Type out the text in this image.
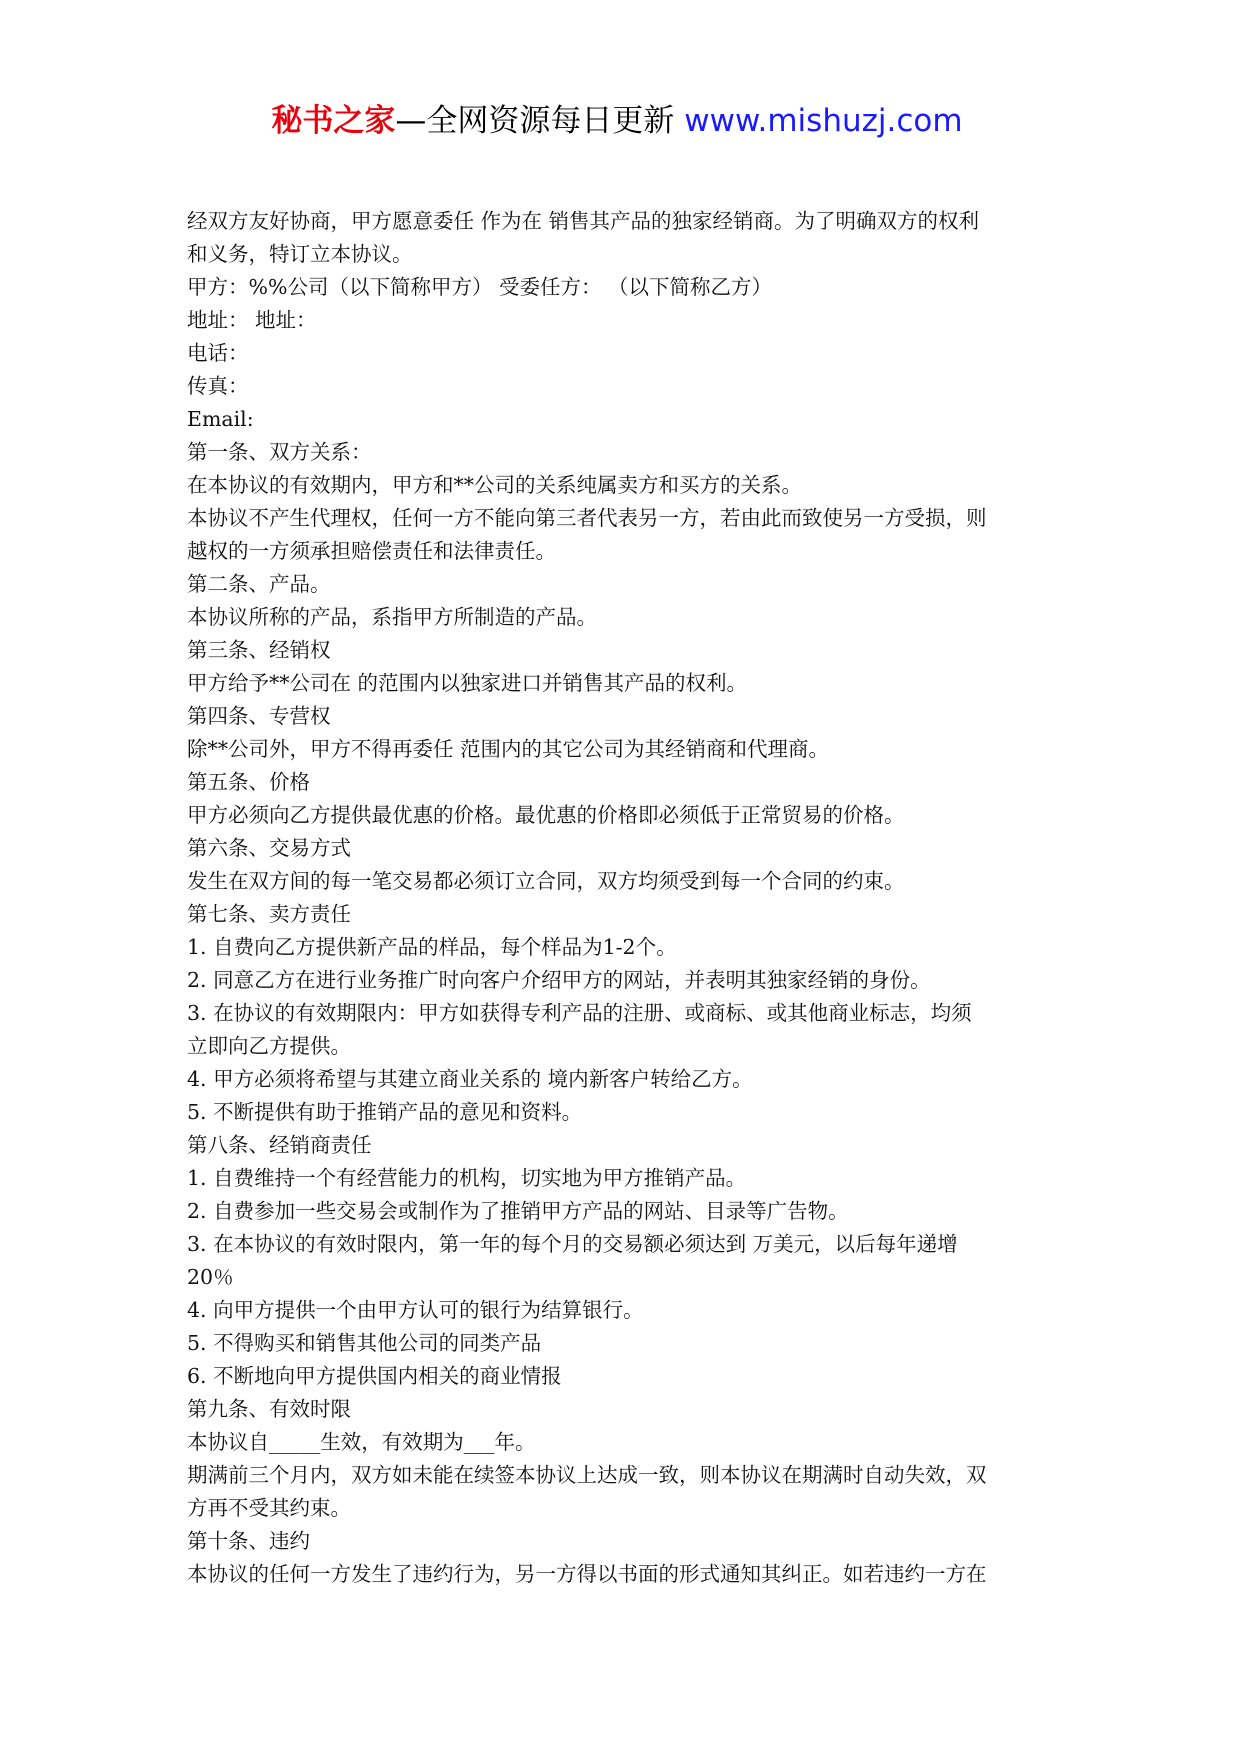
秘书之家—全网资源每日更新 www.mishuzj.com

经双方友好协商，甲方愿意委任 作为在 销售其产品的独家经销商。为了明确双方的权利

和义务，特订立本协议。

甲方：%%公司（以下简称甲方） 受委任方： （以下简称乙方）

地址： 地址：

电话：

传真：

Email:

第一条、双方关系：

在本协议的有效期内，甲方和**公司的关系纯属卖方和买方的关系。

本协议不产生代理权，任何一方不能向第三者代表另一方，若由此而致使另一方受损，则

越权的一方须承担赔偿责任和法律责任。

第二条、产品。

本协议所称的产品，系指甲方所制造的产品。

第三条、经销权

甲方给予**公司在 的范围内以独家进口并销售其产品的权利。

第四条、专营权

除**公司外，甲方不得再委任 范围内的其它公司为其经销商和代理商。

第五条、价格

甲方必须向乙方提供最优惠的价格。最优惠的价格即必须低于正常贸易的价格。

第六条、交易方式

发生在双方间的每一笔交易都必须订立合同，双方均须受到每一个合同的约束。

第七条、卖方责任

1. 自费向乙方提供新产品的样品，每个样品为1-2个。

2. 同意乙方在进行业务推广时向客户介绍甲方的网站，并表明其独家经销的身份。

3. 在协议的有效期限内：甲方如获得专利产品的注册、或商标、或其他商业标志，均须

立即向乙方提供。

4. 甲方必须将希望与其建立商业关系的 境内新客户转给乙方。

5. 不断提供有助于推销产品的意见和资料。

第八条、经销商责任

1. 自费维持一个有经营能力的机构，切实地为甲方推销产品。

2. 自费参加一些交易会或制作为了推销甲方产品的网站、目录等广告物。

3. 在本协议的有效时限内，第一年的每个月的交易额必须达到 万美元，以后每年递增

20％

4. 向甲方提供一个由甲方认可的银行为结算银行。

5. 不得购买和销售其他公司的同类产品

6. 不断地向甲方提供国内相关的商业情报

第九条、有效时限

本协议自_____生效，有效期为___年。

期满前三个月内，双方如未能在续签本协议上达成一致，则本协议在期满时自动失效，双

方再不受其约束。

第十条、违约

本协议的任何一方发生了违约行为，另一方得以书面的形式通知其纠正。如若违约一方在
